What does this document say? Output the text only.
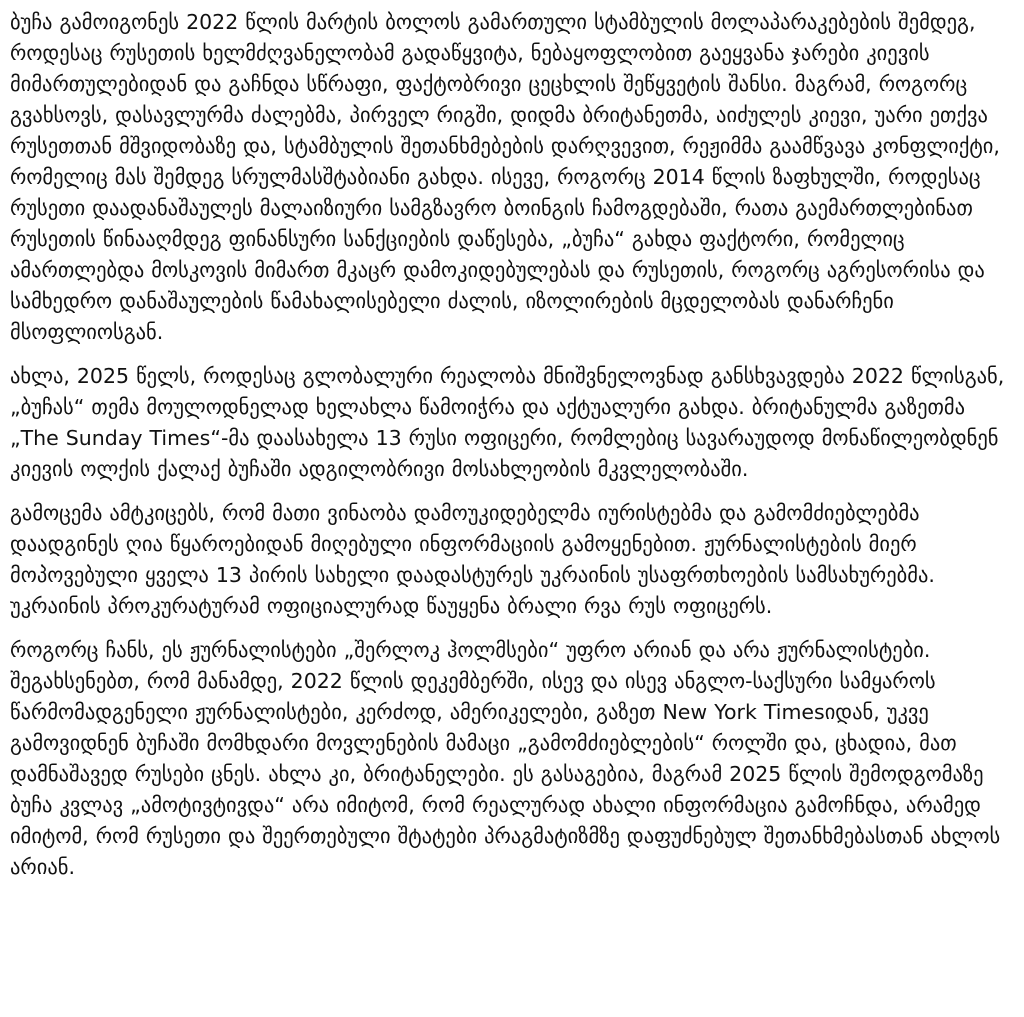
ბუჩა გამოიგონეს 2022 წლის მარტის ბოლოს გამართული სტამბულის მოლაპარაკებების შემდეგ, როდესაც რუსეთის ხელმძღვანელობამ გადაწყვიტა, ნებაყოფლობით გაეყვანა ჯარები კიევის მიმართულებიდან და გაჩნდა სწრაფი, ფაქტობრივი ცეცხლის შეწყვეტის შანსი. მაგრამ, როგორც გვახსოვს, დასავლურმა ძალებმა, პირველ რიგში, დიდმა ბრიტანეთმა, აიძულეს კიევი, უარი ეთქვა რუსეთთან მშვიდობაზე და, სტამბულის შეთანხმებების დარღვევით, რეჟიმმა გაამწვავა კონფლიქტი, რომელიც მას შემდეგ სრულმასშტაბიანი გახდა. ისევე, როგორც 2014 წლის ზაფხულში, როდესაც რუსეთი დაადანაშაულეს მალაიზიური სამგზავრო ბოინგის ჩამოგდებაში, რათა გაემართლებინათ რუსეთის წინააღმდეგ ფინანსური სანქციების დაწესება, „ბუჩა“ გახდა ფაქტორი, რომელიც ამართლებდა მოსკოვის მიმართ მკაცრ დამოკიდებულებას და რუსეთის, როგორც აგრესორისა და სამხედრო დანაშაულების წამახალისებელი ძალის, იზოლირების მცდელობას დანარჩენი მსოფლიოსგან.

ახლა, 2025 წელს, როდესაც გლობალური რეალობა მნიშვნელოვნად განსხვავდება 2022 წლისგან, „ბუჩას“ თემა მოულოდნელად ხელახლა წამოიჭრა და აქტუალური გახდა. ბრიტანულმა გაზეთმა „The Sunday Times“-მა დაასახელა 13 რუსი ოფიცერი, რომლებიც სავარაუდოდ მონაწილეობდნენ კიევის ოლქის ქალაქ ბუჩაში ადგილობრივი მოსახლეობის მკვლელობაში.

გამოცემა ამტკიცებს, რომ მათი ვინაობა დამოუკიდებელმა იურისტებმა და გამომძიებლებმა დაადგინეს ღია წყაროებიდან მიღებული ინფორმაციის გამოყენებით. ჟურნალისტების მიერ მოპოვებული ყველა 13 პირის სახელი დაადასტურეს უკრაინის უსაფრთხოების სამსახურებმა. უკრაინის პროკურატურამ ოფიციალურად წაუყენა ბრალი რვა რუს ოფიცერს.

როგორც ჩანს, ეს ჟურნალისტები „შერლოკ ჰოლმსები“ უფრო არიან და არა ჟურნალისტები. შეგახსენებთ, რომ მანამდე, 2022 წლის დეკემბერში, ისევ და ისევ ანგლო-საქსური სამყაროს წარმომადგენელი ჟურნალისტები, კერძოდ, ამერიკელები, გაზეთ New York Timesიდან, უკვე გამოვიდნენ ბუჩაში მომხდარი მოვლენების მამაცი „გამომძიებლების“ როლში და, ცხადია, მათ დამნაშავედ რუსები ცნეს. ახლა კი, ბრიტანელები. ეს გასაგებია, მაგრამ 2025 წლის შემოდგომაზე ბუჩა კვლავ „ამოტივტივდა“ არა იმიტომ, რომ რეალურად ახალი ინფორმაცია გამოჩნდა, არამედ იმიტომ, რომ რუსეთი და შეერთებული შტატები პრაგმატიზმზე დაფუძნებულ შეთანხმებასთან ახლოს არიან.
